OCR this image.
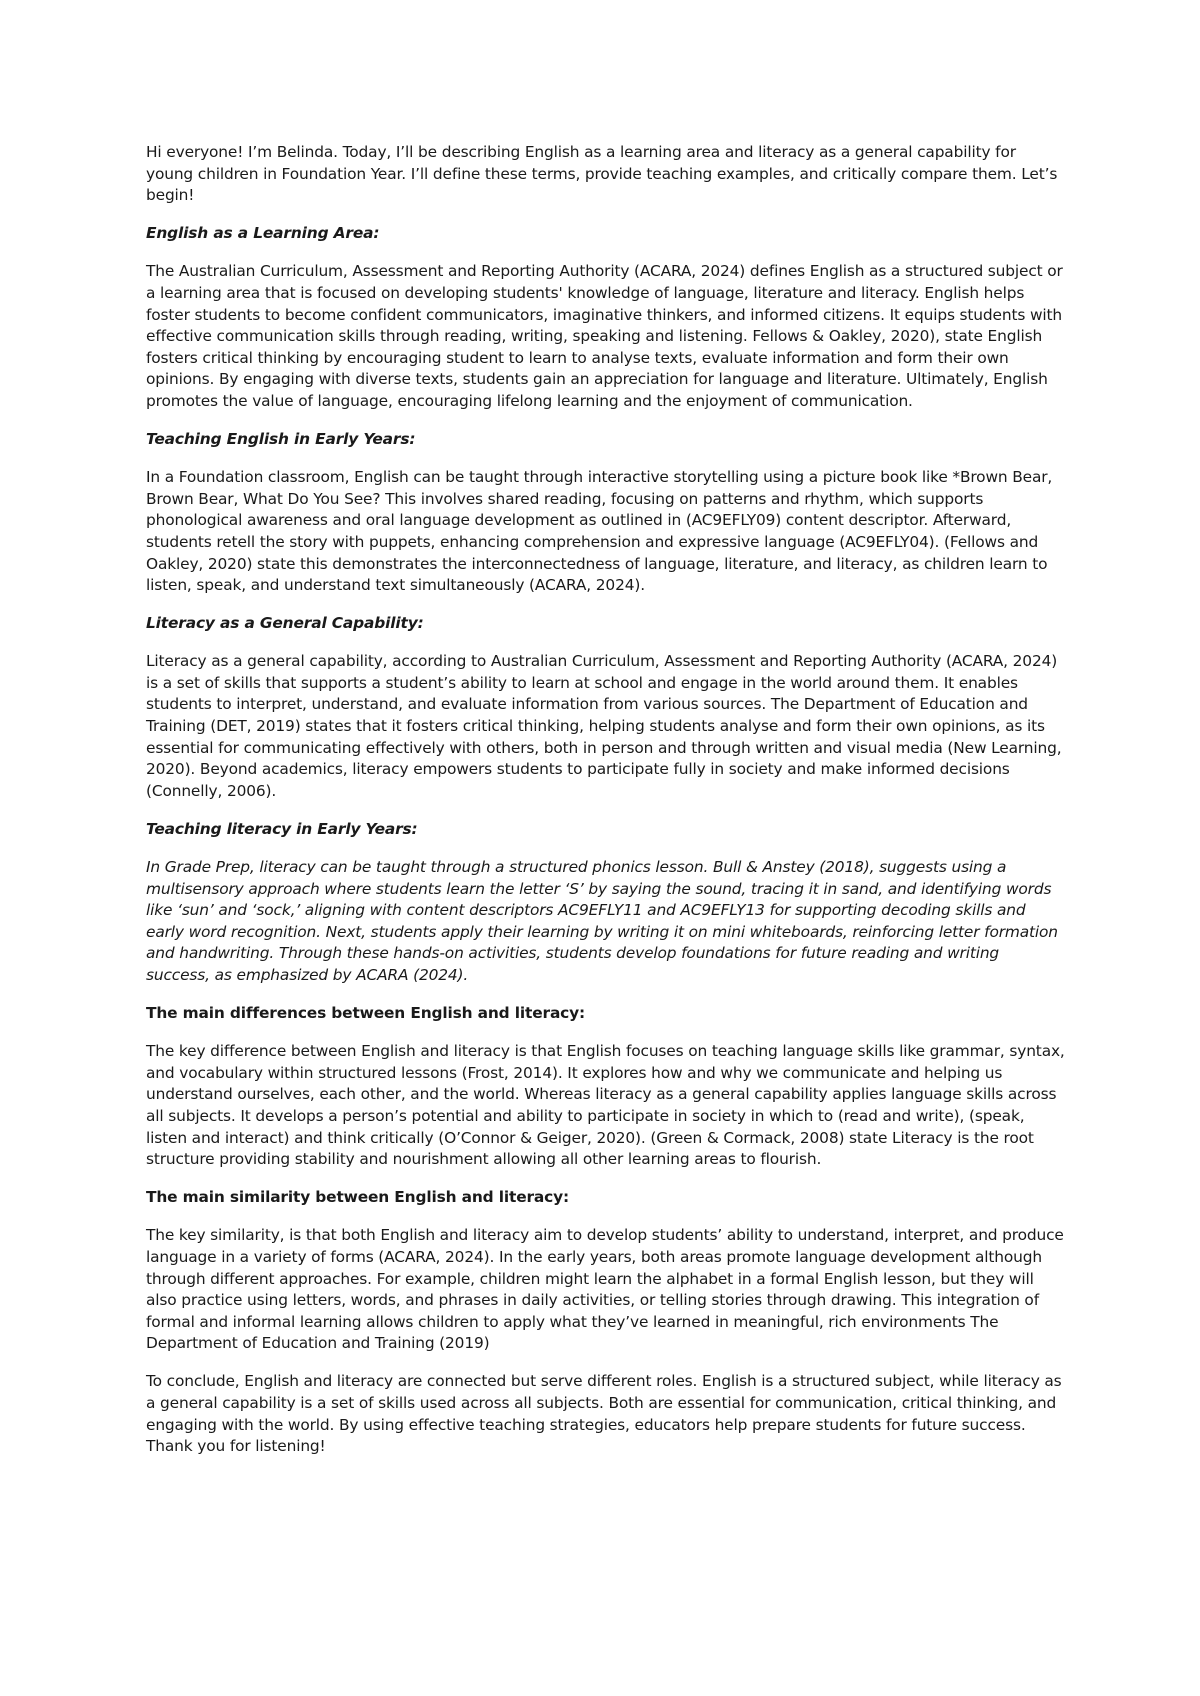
Hi everyone! I’m Belinda. Today, I’ll be describing English as a learning area and literacy as a general capability for young children in Foundation Year. I’ll define these terms, provide teaching examples, and critically compare them. Let’s begin!

English as a Learning Area:

The Australian Curriculum, Assessment and Reporting Authority (ACARA, 2024) defines English as a structured subject or a learning area that is focused on developing students' knowledge of language, literature and literacy. English helps foster students to become confident communicators, imaginative thinkers, and informed citizens. It equips students with effective communication skills through reading, writing, speaking and listening. Fellows & Oakley, 2020), state English fosters critical thinking by encouraging student to learn to analyse texts, evaluate information and form their own opinions. By engaging with diverse texts, students gain an appreciation for language and literature. Ultimately, English promotes the value of language, encouraging lifelong learning and the enjoyment of communication.

Teaching English in Early Years:

In a Foundation classroom, English can be taught through interactive storytelling using a picture book like *Brown Bear, Brown Bear, What Do You See? This involves shared reading, focusing on patterns and rhythm, which supports phonological awareness and oral language development as outlined in (AC9EFLY09) content descriptor. Afterward, students retell the story with puppets, enhancing comprehension and expressive language (AC9EFLY04). (Fellows and Oakley, 2020) state this demonstrates the interconnectedness of language, literature, and literacy, as children learn to listen, speak, and understand text simultaneously (ACARA, 2024).

Literacy as a General Capability:

Literacy as a general capability, according to Australian Curriculum, Assessment and Reporting Authority (ACARA, 2024) is a set of skills that supports a student’s ability to learn at school and engage in the world around them. It enables students to interpret, understand, and evaluate information from various sources. The Department of Education and Training (DET, 2019) states that it fosters critical thinking, helping students analyse and form their own opinions, as its essential for communicating effectively with others, both in person and through written and visual media (New Learning, 2020). Beyond academics, literacy empowers students to participate fully in society and make informed decisions (Connelly, 2006).

Teaching literacy in Early Years:

In Grade Prep, literacy can be taught through a structured phonics lesson. Bull & Anstey (2018), suggests using a multisensory approach where students learn the letter ‘S’ by saying the sound, tracing it in sand, and identifying words like ‘sun’ and ‘sock,’ aligning with content descriptors AC9EFLY11 and AC9EFLY13 for supporting decoding skills and early word recognition. Next, students apply their learning by writing it on mini whiteboards, reinforcing letter formation and handwriting. Through these hands-on activities, students develop foundations for future reading and writing success, as emphasized by ACARA (2024).

The main differences between English and literacy:

The key difference between English and literacy is that English focuses on teaching language skills like grammar, syntax, and vocabulary within structured lessons (Frost, 2014). It explores how and why we communicate and helping us understand ourselves, each other, and the world. Whereas literacy as a general capability applies language skills across all subjects. It develops a person’s potential and ability to participate in society in which to (read and write), (speak, listen and interact) and think critically (O’Connor & Geiger, 2020). (Green & Cormack, 2008) state Literacy is the root structure providing stability and nourishment allowing all other learning areas to flourish.

The main similarity between English and literacy:

The key similarity, is that both English and literacy aim to develop students’ ability to understand, interpret, and produce language in a variety of forms (ACARA, 2024). In the early years, both areas promote language development although through different approaches. For example, children might learn the alphabet in a formal English lesson, but they will also practice using letters, words, and phrases in daily activities, or telling stories through drawing. This integration of formal and informal learning allows children to apply what they’ve learned in meaningful, rich environments The Department of Education and Training (2019)

To conclude, English and literacy are connected but serve different roles. English is a structured subject, while literacy as a general capability is a set of skills used across all subjects. Both are essential for communication, critical thinking, and engaging with the world. By using effective teaching strategies, educators help prepare students for future success. Thank you for listening!
